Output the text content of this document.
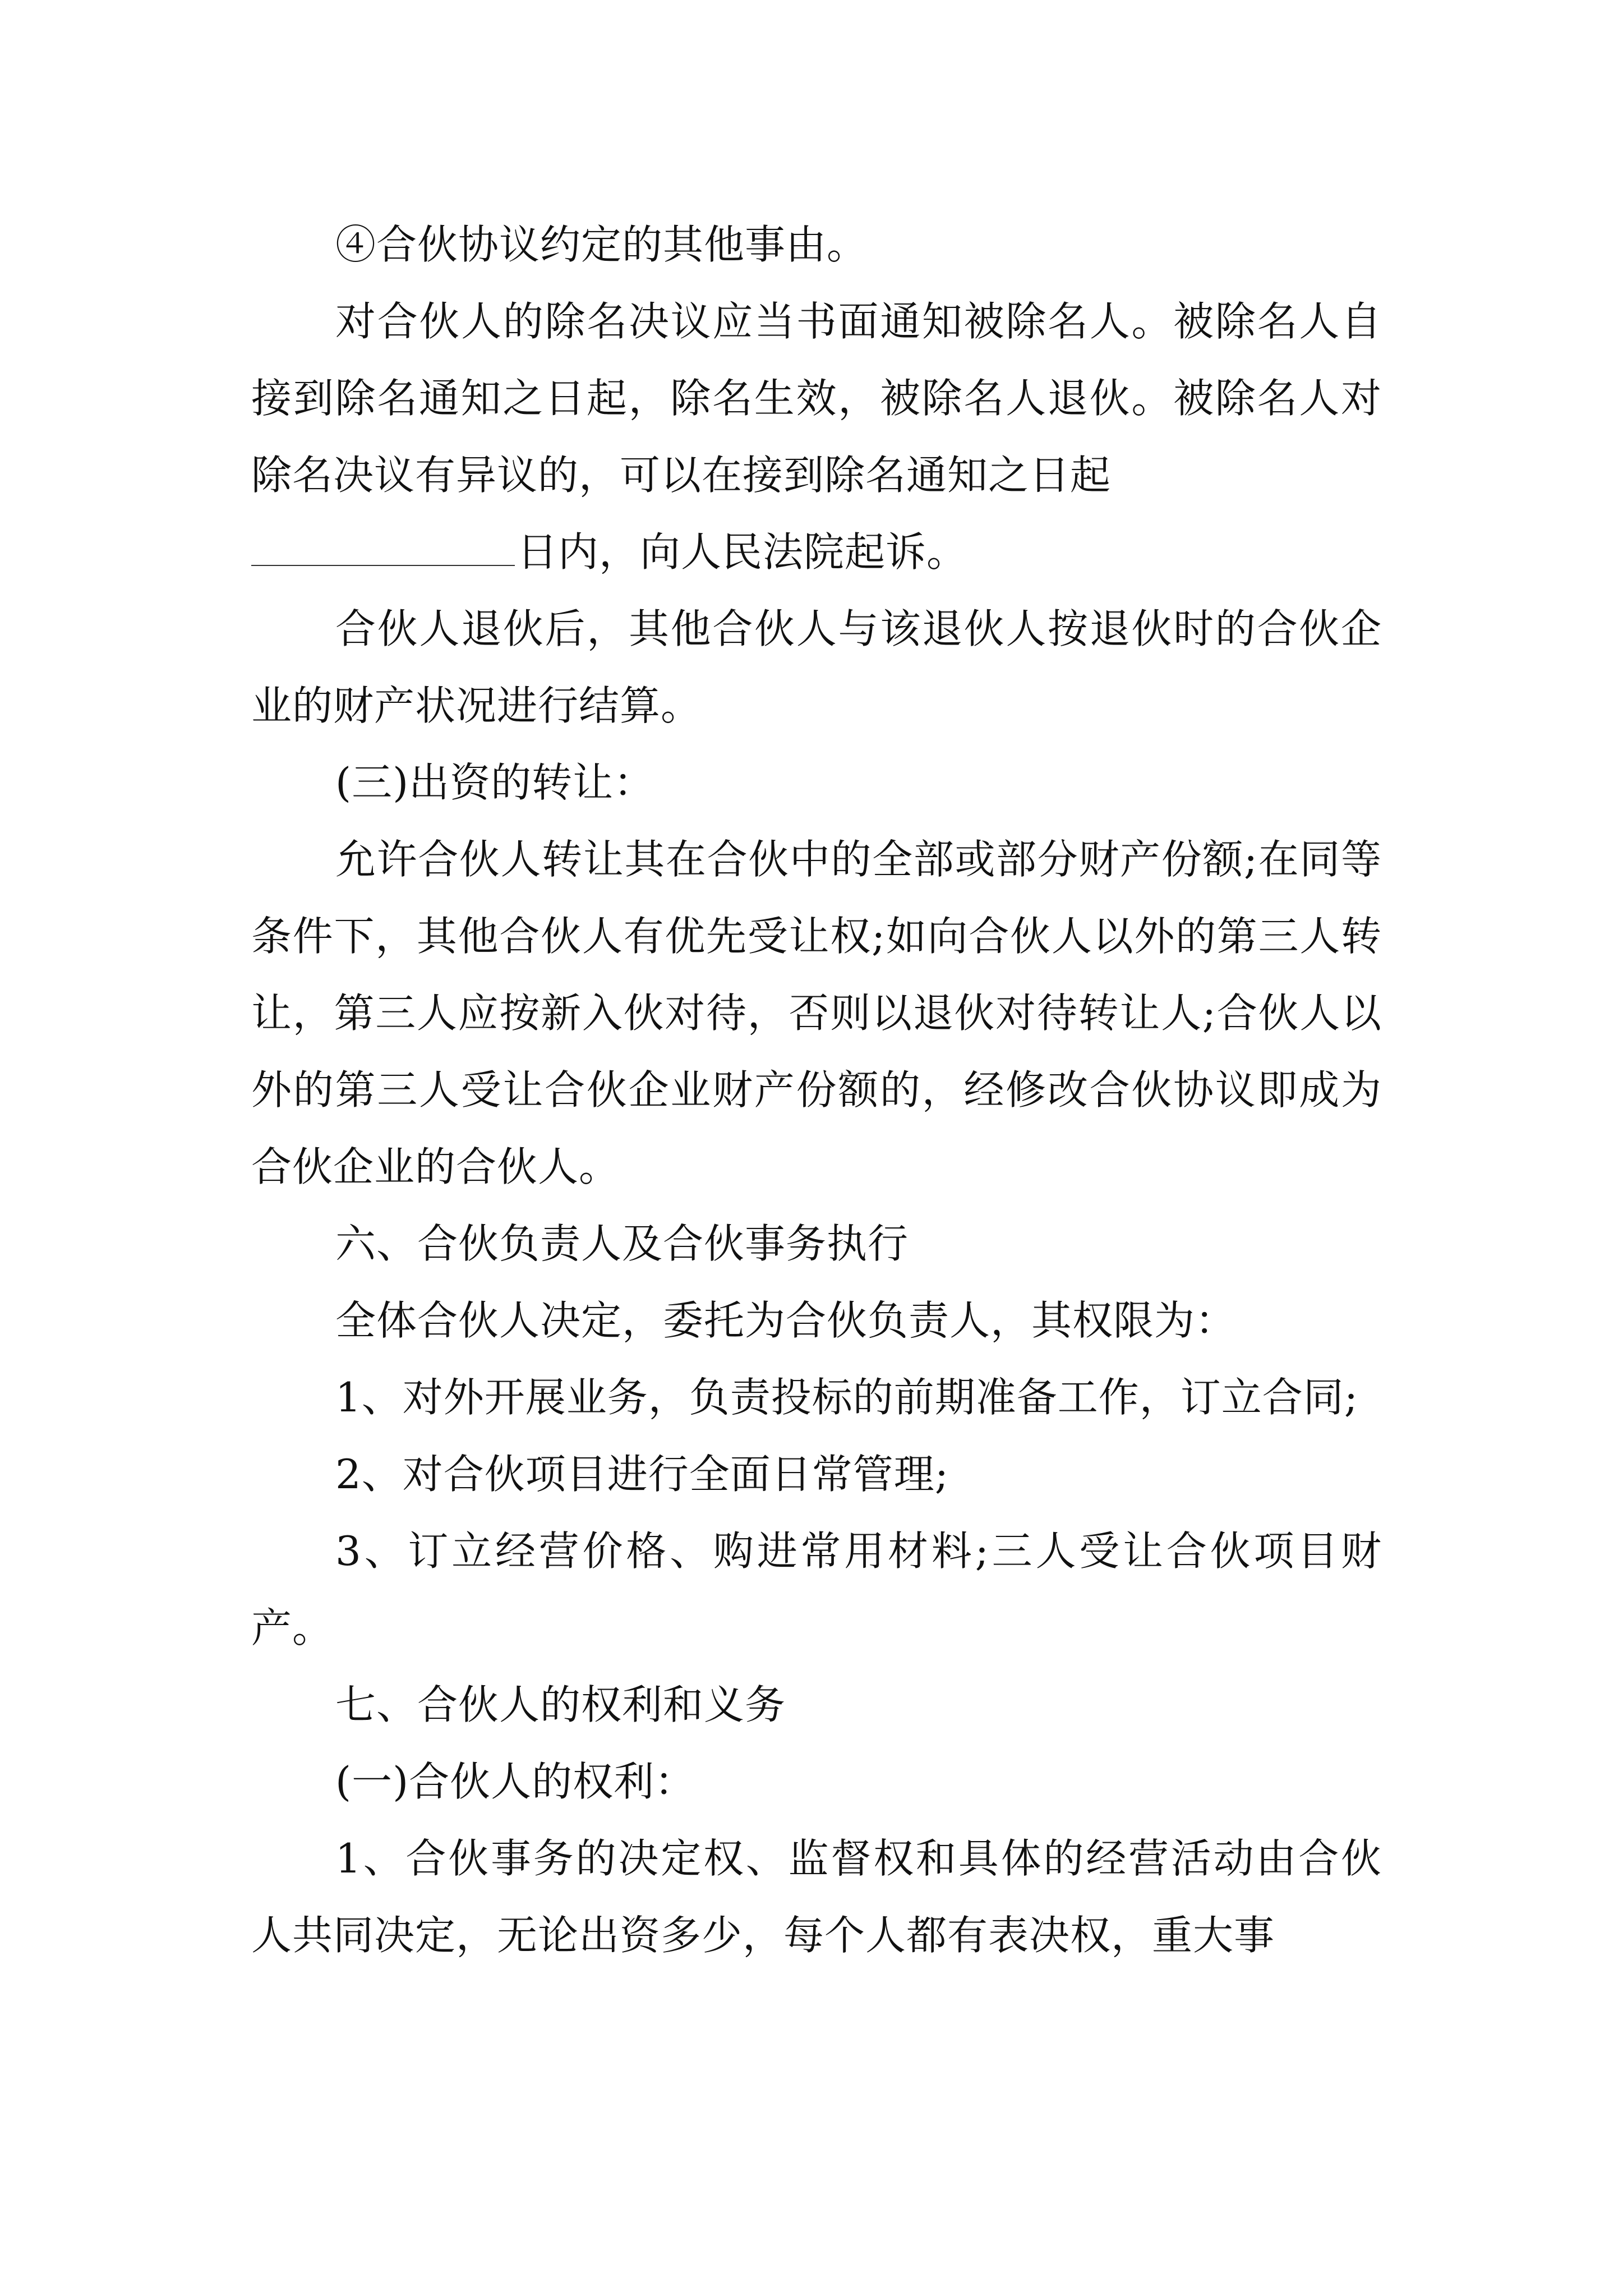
④合伙协议约定的其他事由。

对合伙人的除名决议应当书面通知被除名人。被除名人自接到除名通知之日起，除名生效，被除名人退伙。被除名人对除名决议有异议的，可以在接到除名通知之日起

日内，向人民法院起诉。

合伙人退伙后，其他合伙人与该退伙人按退伙时的合伙企业的财产状况进行结算。

(三)出资的转让：

允许合伙人转让其在合伙中的全部或部分财产份额;在同等条件下，其他合伙人有优先受让权;如向合伙人以外的第三人转让，第三人应按新入伙对待，否则以退伙对待转让人;合伙人以外的第三人受让合伙企业财产份额的，经修改合伙协议即成为合伙企业的合伙人。

六、合伙负责人及合伙事务执行

全体合伙人决定，委托为合伙负责人，其权限为：

1、对外开展业务，负责投标的前期准备工作，订立合同;

2、对合伙项目进行全面日常管理;

3、订立经营价格、购进常用材料;三人受让合伙项目财产。

七、合伙人的权利和义务

(一)合伙人的权利：

1、合伙事务的决定权、监督权和具体的经营活动由合伙人共同决定，无论出资多少，每个人都有表决权，重大事
